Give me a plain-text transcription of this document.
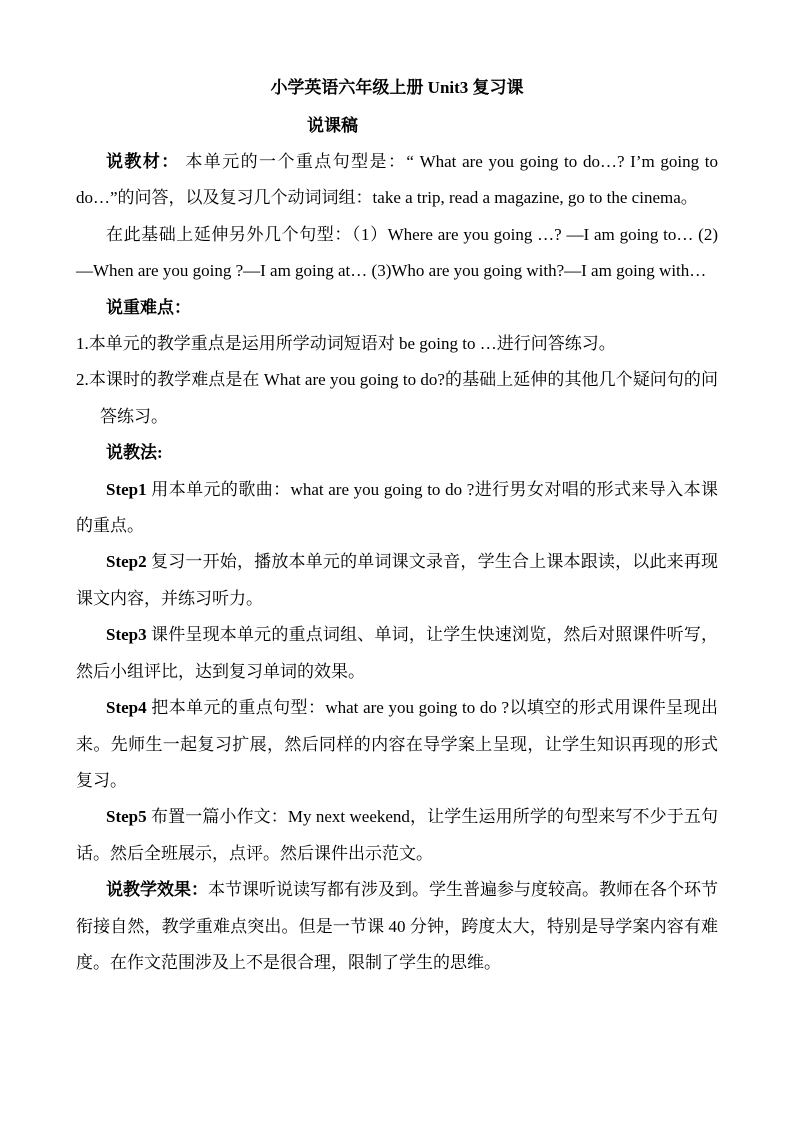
小学英语六年级上册 Unit3 复习课
说课稿

说教材： 本单元的一个重点句型是：“ What are you going to do…? I’m going to do…”的问答，以及复习几个动词词组：take a trip, read a magazine, go to the cinema。

在此基础上延伸另外几个句型：（1）Where are you going …? —I am going to… (2) —When are you going ?—I am going at… (3)Who are you going with?—I am going with…

说重难点：

1.本单元的教学重点是运用所学动词短语对 be going to …进行问答练习。

2.本课时的教学难点是在 What are you going to do?的基础上延伸的其他几个疑问句的问答练习。

说教法:

Step1 用本单元的歌曲：what are you going to do ?进行男女对唱的形式来导入本课的重点。

Step2 复习一开始，播放本单元的单词课文录音，学生合上课本跟读，以此来再现课文内容，并练习听力。

Step3 课件呈现本单元的重点词组、单词，让学生快速浏览，然后对照课件听写，然后小组评比，达到复习单词的效果。

Step4 把本单元的重点句型：what are you going to do ?以填空的形式用课件呈现出来。先师生一起复习扩展，然后同样的内容在导学案上呈现，让学生知识再现的形式复习。

Step5 布置一篇小作文：My next weekend，让学生运用所学的句型来写不少于五句话。然后全班展示，点评。然后课件出示范文。

说教学效果：本节课听说读写都有涉及到。学生普遍参与度较高。教师在各个环节衔接自然，教学重难点突出。但是一节课 40 分钟，跨度太大，特别是导学案内容有难度。在作文范围涉及上不是很合理，限制了学生的思维。
